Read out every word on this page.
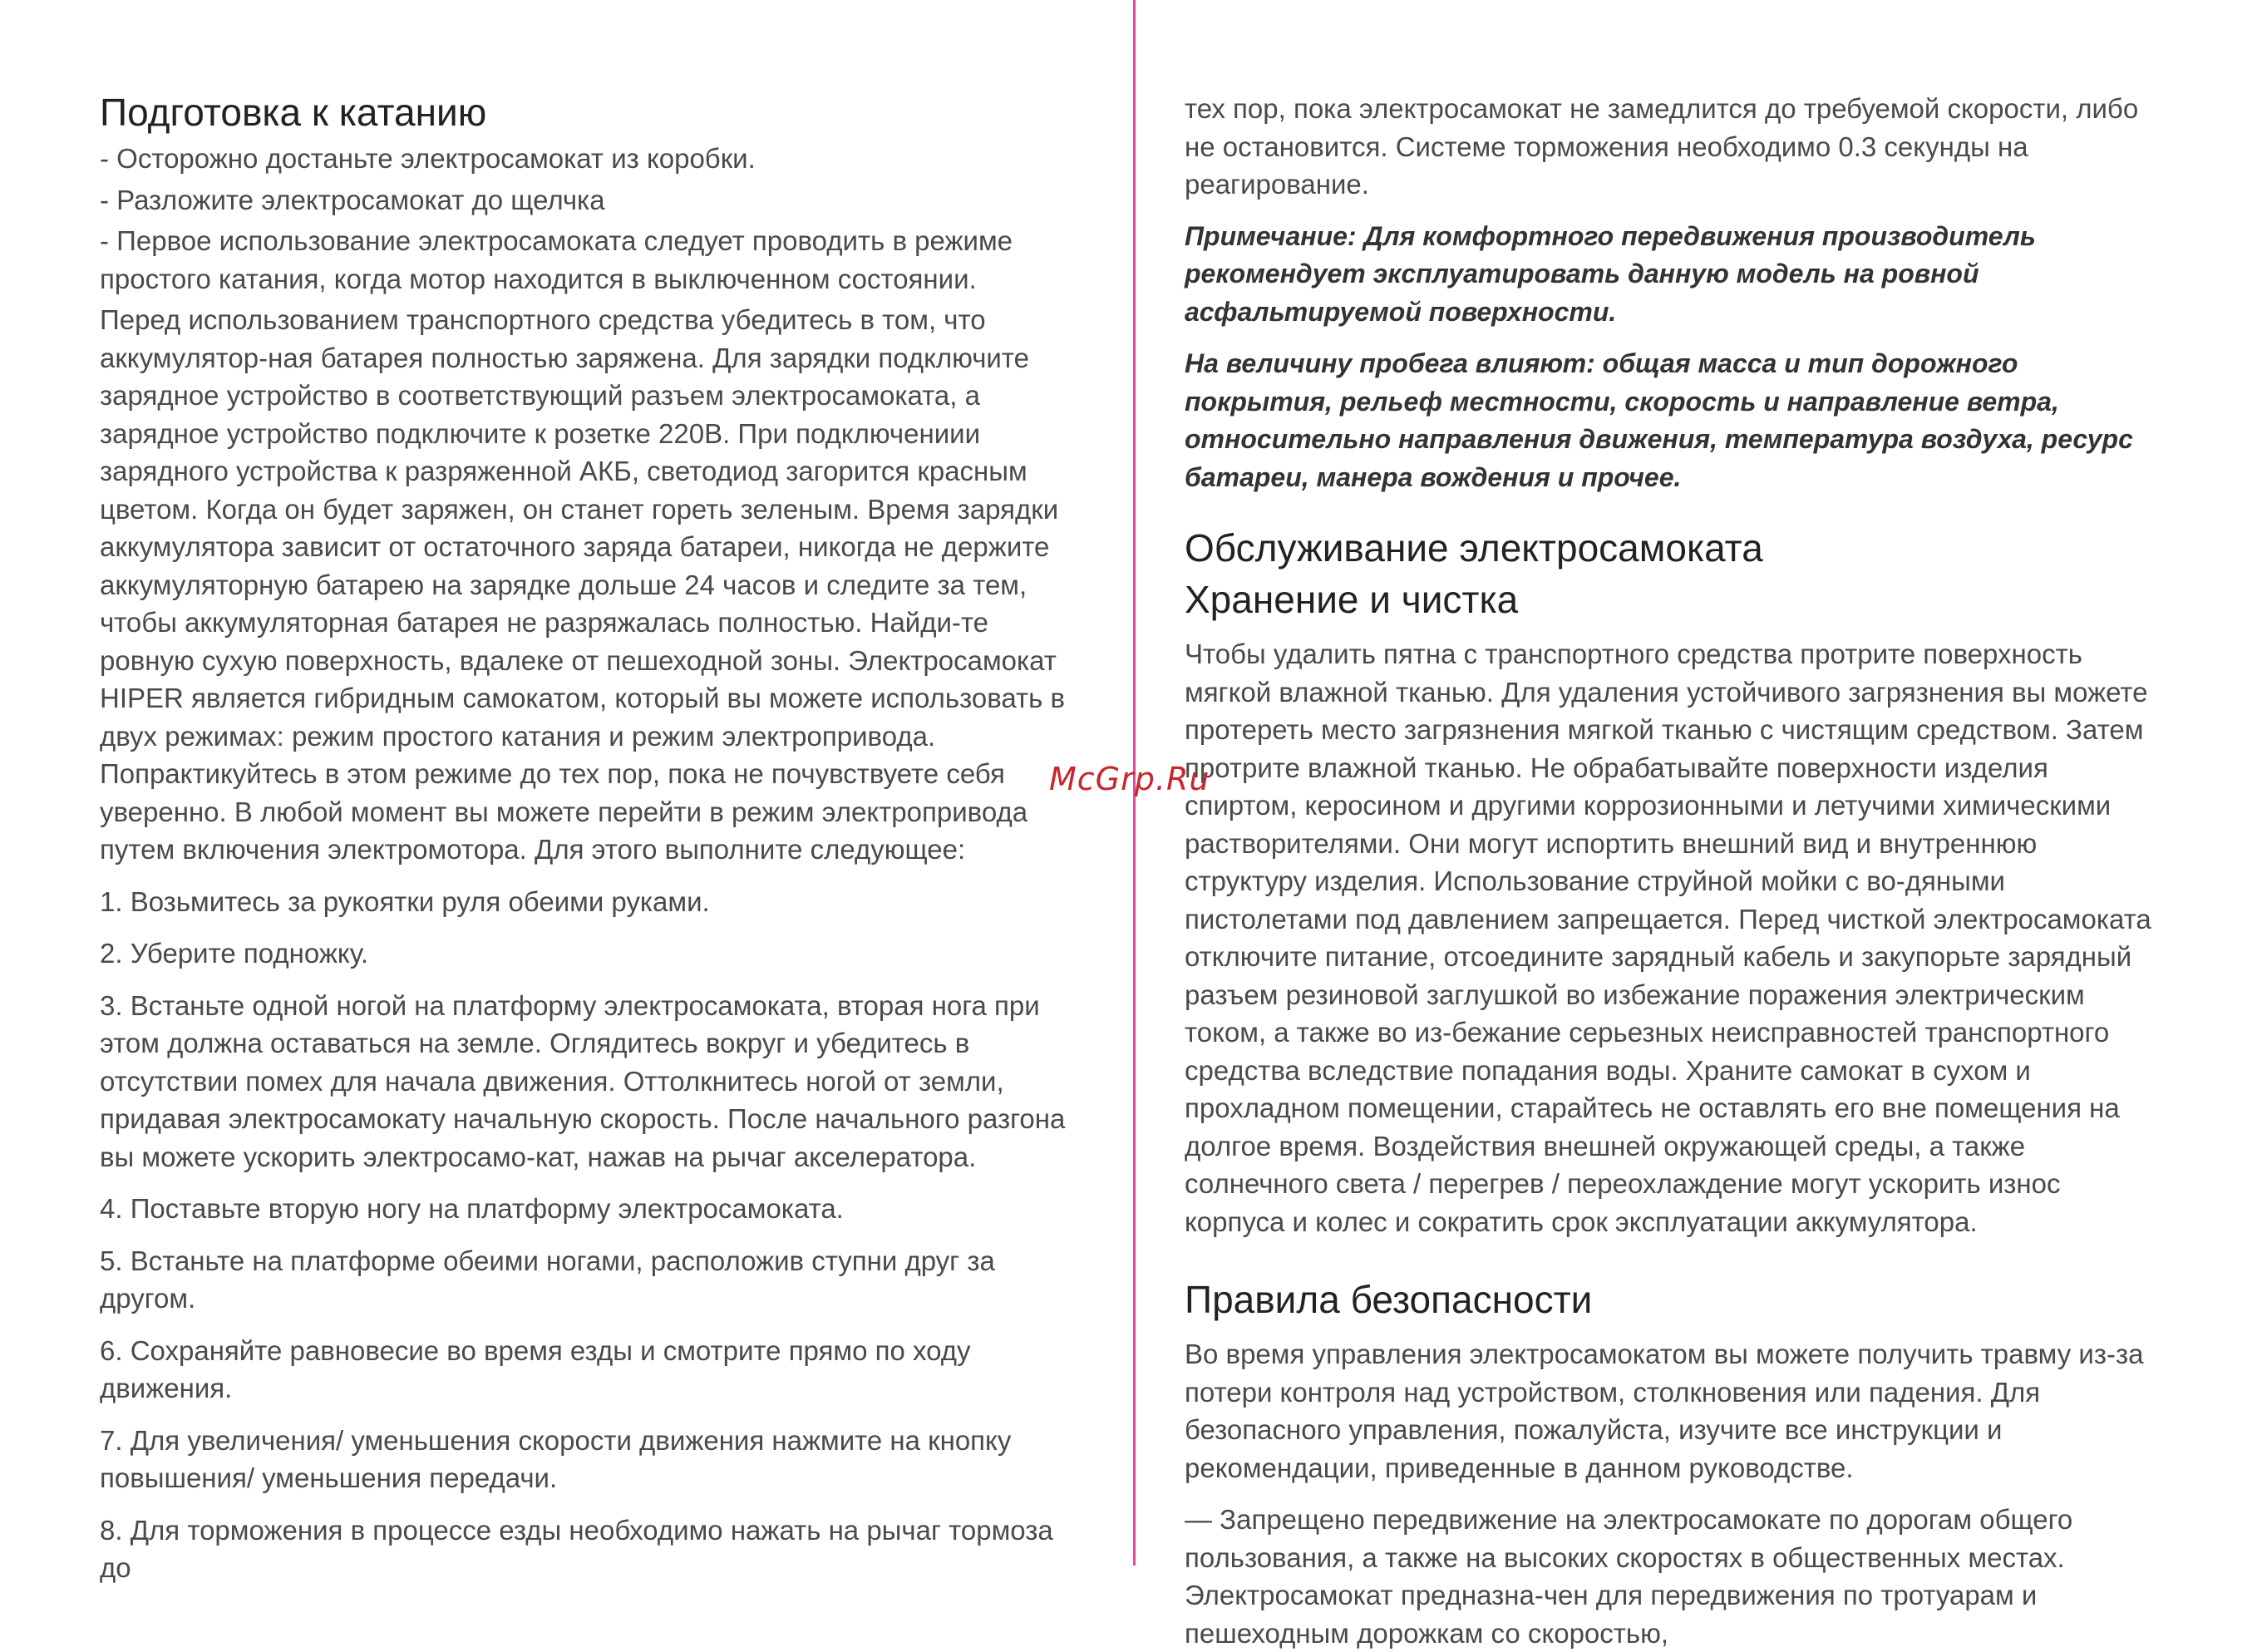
Подготовка к катанию

- Осторожно достаньте электросамокат из коробки.

- Разложите электросамокат до щелчка

- Первое использование электросамоката следует проводить в режиме простого катания, когда мотор находится в выключенном состоянии.

Перед использованием транспортного средства убедитесь в том, что аккумулятор-ная батарея полностью заряжена. Для зарядки подключите зарядное устройство в соответствующий разъем электросамоката, а зарядное устройство подключите к розетке 220В. При подключениии зарядного устройства к разряженной АКБ, светодиод загорится красным цветом. Когда он будет заряжен, он станет гореть зеленым. Время зарядки аккумулятора зависит от остаточного заряда батареи, никогда не держите аккумуляторную батарею на зарядке дольше 24 часов и следите за тем, чтобы аккумуляторная батарея не разряжалась полностью. Найди-те ровную сухую поверхность, вдалеке от пешеходной зоны. Электросамокат HIPER является гибридным самокатом, который вы можете использовать в двух режимах: режим простого катания и режим электропривода. Попрактикуйтесь в этом режиме до тех пор, пока не почувствуете себя уверенно. В любой момент вы можете перейти в режим электропривода путем включения электромотора. Для этого выполните следующее:

1. Возьмитесь за рукоятки руля обеими руками.

2. Уберите подножку.

3. Встаньте одной ногой на платформу электросамоката, вторая нога при этом должна оставаться на земле. Оглядитесь вокруг и убедитесь в отсутствии помех для начала движения. Оттолкнитесь ногой от земли, придавая электросамокату начальную скорость. После начального разгона вы можете ускорить электросамо-кат, нажав на рычаг акселератора.

4. Поставьте вторую ногу на платформу электросамоката.

5. Встаньте на платформе обеими ногами, расположив ступни друг за другом.

6. Сохраняйте равновесие во время езды и смотрите прямо по ходу движения.

7. Для увеличения/ уменьшения скорости движения нажмите на кнопку повышения/ уменьшения передачи.

8. Для торможения в процессе езды необходимо нажать на рычаг тормоза до

тех пор, пока электросамокат не замедлится до требуемой скорости, либо не остановится. Системе торможения необходимо 0.3 секунды на реагирование.

Примечание: Для комфортного передвижения производитель рекомендует эксплуатировать данную модель на ровной асфальтируемой поверхности.

На величину пробега влияют: общая масса и тип дорожного покрытия, рельеф местности, скорость и направление ветра, относительно направления движения, температура воздуха, ресурс батареи, манера вождения и прочее.

Обслуживание электросамоката
Хранение и чистка

Чтобы удалить пятна с транспортного средства протрите поверхность мягкой влажной тканью. Для удаления устойчивого загрязнения вы можете протереть место загрязнения мягкой тканью с чистящим средством. Затем протрите влажной тканью. Не обрабатывайте поверхности изделия спиртом, керосином и другими коррозионными и летучими химическими растворителями. Они могут испортить внешний вид и внутреннюю структуру изделия. Использование струйной мойки с во-дяными пистолетами под давлением запрещается. Перед чисткой электросамоката отключите питание, отсоедините зарядный кабель и закупорьте зарядный разъем резиновой заглушкой во избежание поражения электрическим током, а также во из-бежание серьезных неисправностей транспортного средства вследствие попадания воды. Храните самокат в сухом и прохладном помещении, старайтесь не оставлять его вне помещения на долгое время. Воздействия внешней окружающей среды, а также солнечного света / перегрев / переохлаждение могут ускорить износ корпуса и колес и сократить срок эксплуатации аккумулятора.

Правила безопасности

Во время управления электросамокатом вы можете получить травму из-за потери контроля над устройством, столкновения или падения. Для безопасного управления, пожалуйста, изучите все инструкции и рекомендации, приведенные в данном руководстве.

— Запрещено передвижение на электросамокате по дорогам общего пользования, а также на высоких скоростях в общественных местах. Электросамокат предназна-чен для передвижения по тротуарам и пешеходным дорожкам со скоростью,

McGrp.Ru
